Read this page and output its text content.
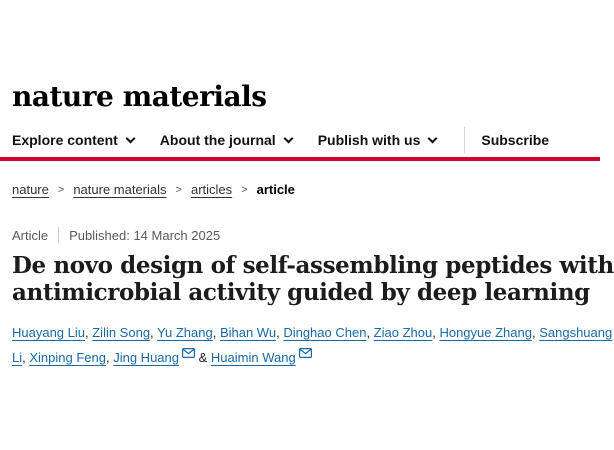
nature materials
Explore content	About the journal	Publish with us	Subscribe
nature > nature materials > articles > article
Article Published: 14 March 2025
De novo design of self-assembling peptides with
antimicrobial activity guided by deep learning
Huayang Liu, Zilin Song, Yu Zhang, Bihan Wu, Dinghao Chen, Ziao Zhou, Hongyue Zhang, Sangshuang
Li, Xinping Feng, Jing Huang & Huaimin Wang
